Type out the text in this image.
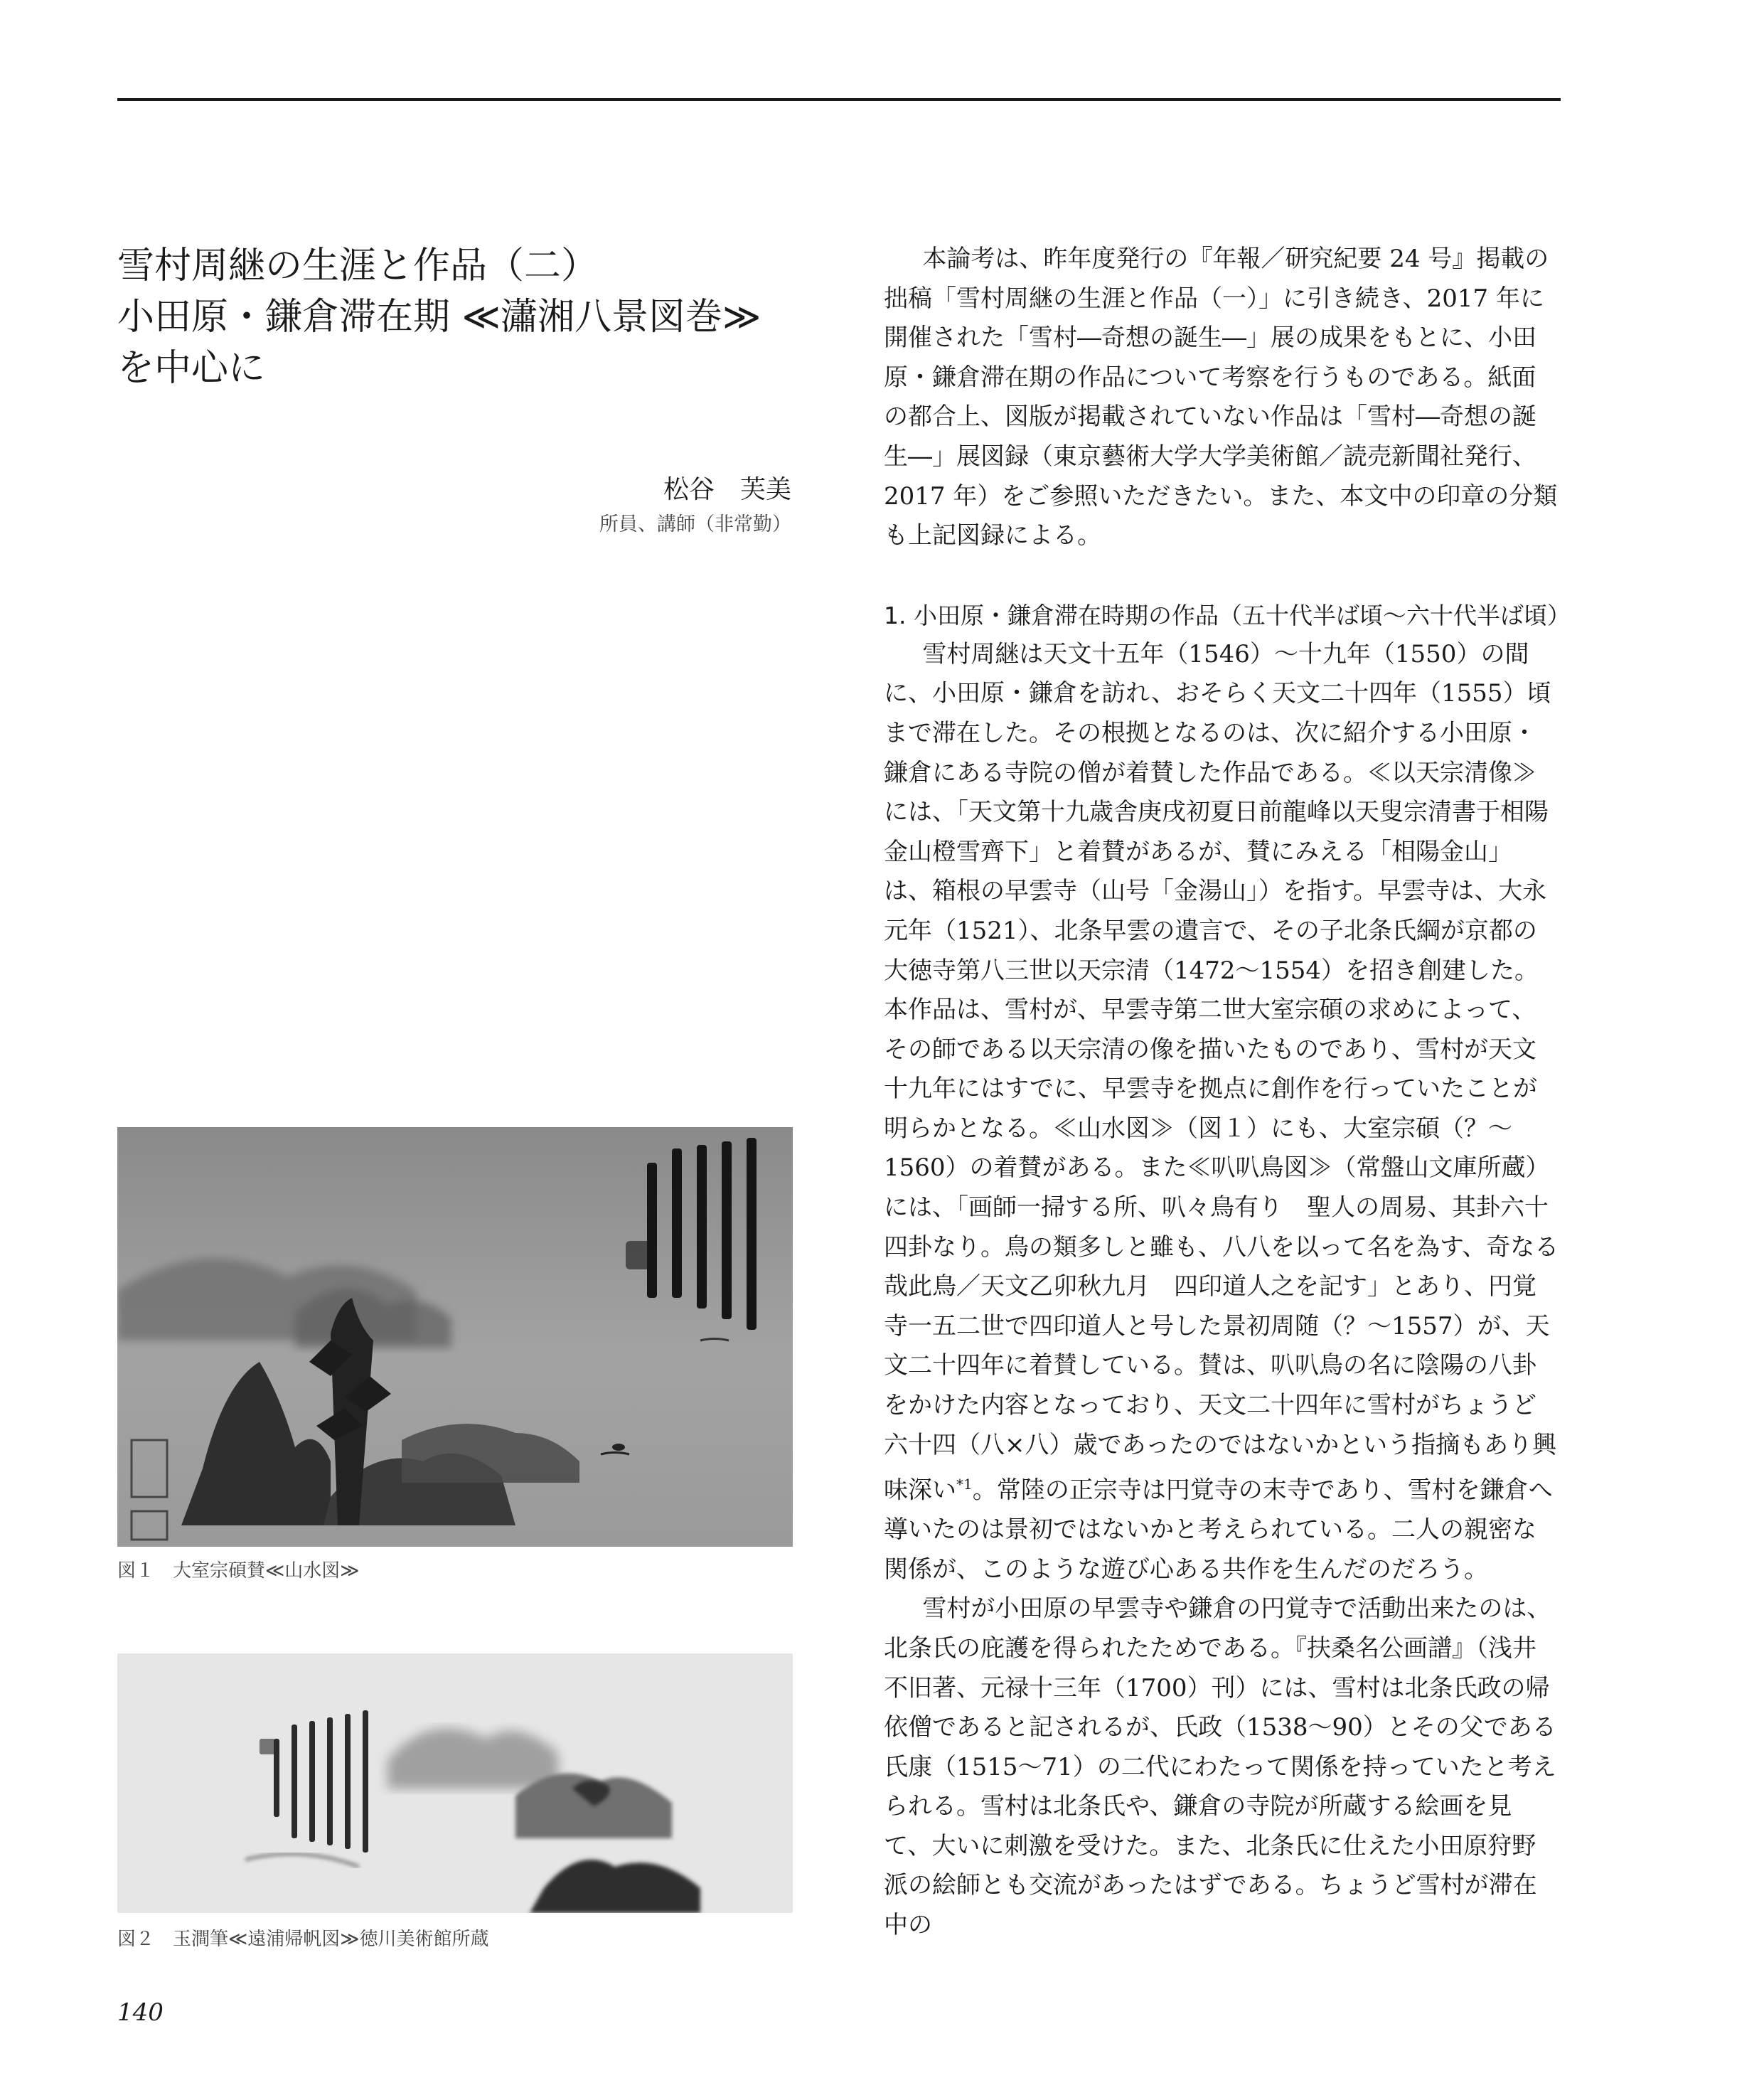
雪村周継の生涯と作品（二）
小田原・鎌倉滞在期 ≪瀟湘八景図巻≫
を中心に
松谷　芙美
所員、講師（非常勤）
図１　大室宗碩賛≪山水図≫
図２　玉澗筆≪遠浦帰帆図≫徳川美術館所蔵

本論考は、昨年度発行の『年報／研究紀要 24 号』掲載の拙稿「雪村周継の生涯と作品（一）」に引き続き、2017 年に開催された「雪村―奇想の誕生―」展の成果をもとに、小田原・鎌倉滞在期の作品について考察を行うものである。紙面の都合上、図版が掲載されていない作品は「雪村―奇想の誕生―」展図録（東京藝術大学大学美術館／読売新聞社発行、2017 年）をご参照いただきたい。また、本文中の印章の分類も上記図録による。

1. 小田原・鎌倉滞在時期の作品（五十代半ば頃〜六十代半ば頃）

雪村周継は天文十五年（1546）〜十九年（1550）の間に、小田原・鎌倉を訪れ、おそらく天文二十四年（1555）頃まで滞在した。その根拠となるのは、次に紹介する小田原・鎌倉にある寺院の僧が着賛した作品である。≪以天宗清像≫には、「天文第十九歳舎庚戌初夏日前龍峰以天叟宗清書于相陽金山橙雪齊下」と着賛があるが、賛にみえる「相陽金山」は、箱根の早雲寺（山号「金湯山」）を指す。早雲寺は、大永元年（1521）、北条早雲の遺言で、その子北条氏綱が京都の大徳寺第八三世以天宗清（1472〜1554）を招き創建した。本作品は、雪村が、早雲寺第二世大室宗碩の求めによって、その師である以天宗清の像を描いたものであり、雪村が天文十九年にはすでに、早雲寺を拠点に創作を行っていたことが明らかとなる。≪山水図≫（図１）にも、大室宗碩（？〜1560）の着賛がある。また≪叭叭鳥図≫（常盤山文庫所蔵）には、「画師一掃する所、叭々鳥有り　聖人の周易、其卦六十四卦なり。鳥の類多しと雖も、八八を以って名を為す、奇なる哉此鳥／天文乙卯秋九月　四印道人之を記す」とあり、円覚寺一五二世で四印道人と号した景初周随（？〜1557）が、天文二十四年に着賛している。賛は、叭叭鳥の名に陰陽の八卦をかけた内容となっており、天文二十四年に雪村がちょうど六十四（八×八）歳であったのではないかという指摘もあり興味深い$^{*1}$。常陸の正宗寺は円覚寺の末寺であり、雪村を鎌倉へ導いたのは景初ではないかと考えられている。二人の親密な関係が、このような遊び心ある共作を生んだのだろう。

雪村が小田原の早雲寺や鎌倉の円覚寺で活動出来たのは、北条氏の庇護を得られたためである。『扶桑名公画譜』（浅井不旧著、元禄十三年（1700）刊）には、雪村は北条氏政の帰依僧であると記されるが、氏政（1538〜90）とその父である氏康（1515〜71）の二代にわたって関係を持っていたと考えられる。雪村は北条氏や、鎌倉の寺院が所蔵する絵画を見て、大いに刺激を受けた。また、北条氏に仕えた小田原狩野派の絵師とも交流があったはずである。ちょうど雪村が滞在中の

140
